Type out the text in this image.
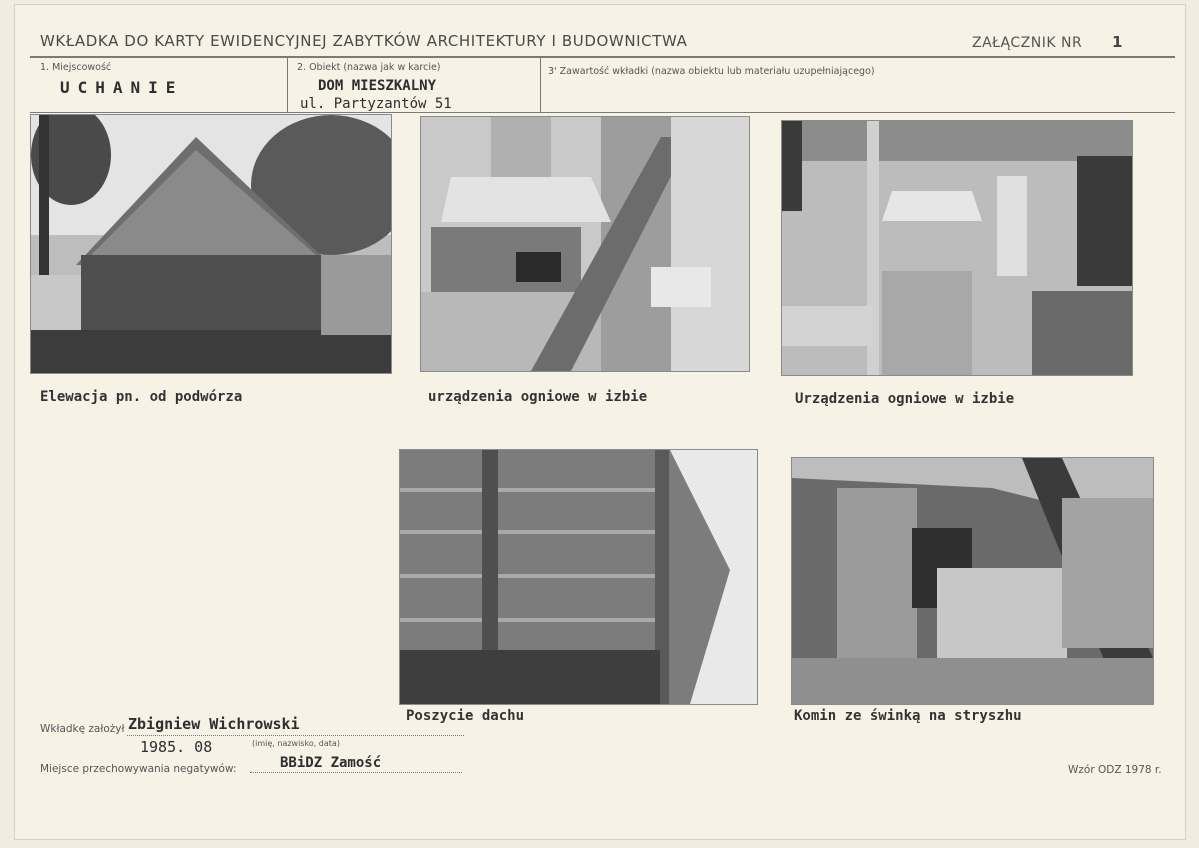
WKŁADKA DO KARTY EWIDENCYJNEJ ZABYTKÓW ARCHITEKTURY I BUDOWNICTWA	ZAŁĄCZNIK NR 1
1. Miejscowość
UCHANIE
2. Obiekt (nazwa jak w karcie)
DOM MIESZKALNY
ul. Partyzantów 51
3' Zawartość wkładki (nazwa obiektu lub materiału uzupełniającego)
Elewacja pn. od podwórza	urządzenia ogniowe w izbie	Urządzenia ogniowe w izbie
Poszycie dachu	Komin ze świnką na stryszhu
Wkładkę założył Zbigniew Wichrowski
1985. 08	(imię, nazwisko, data)
Miejsce przechowywania negatywów:	BBiDZ Zamość	Wzór ODZ 1978 r.
